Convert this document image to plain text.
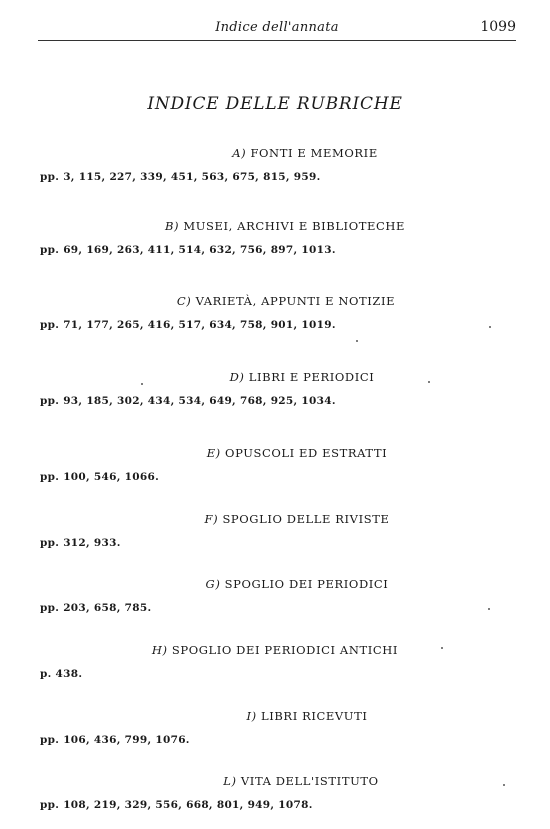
Indice dell'annata	1099
INDICE DELLE RUBRICHE
A) FONTI E MEMORIE
pp. 3, 115, 227, 339, 451, 563, 675, 815, 959.
B) MUSEI, ARCHIVI E BIBLIOTECHE
pp. 69, 169, 263, 411, 514, 632, 756, 897, 1013.
C) VARIETÀ, APPUNTI E NOTIZIE
pp. 71, 177, 265, 416, 517, 634, 758, 901, 1019.
D) LIBRI E PERIODICI
pp. 93, 185, 302, 434, 534, 649, 768, 925, 1034.
E) OPUSCOLI ED ESTRATTI
pp. 100, 546, 1066.
F) SPOGLIO DELLE RIVISTE
pp. 312, 933.
G) SPOGLIO DEI PERIODICI
pp. 203, 658, 785.
H) SPOGLIO DEI PERIODICI ANTICHI
p. 438.
I) LIBRI RICEVUTI
pp. 106, 436, 799, 1076.
L) VITA DELL'ISTITUTO
pp. 108, 219, 329, 556, 668, 801, 949, 1078.
